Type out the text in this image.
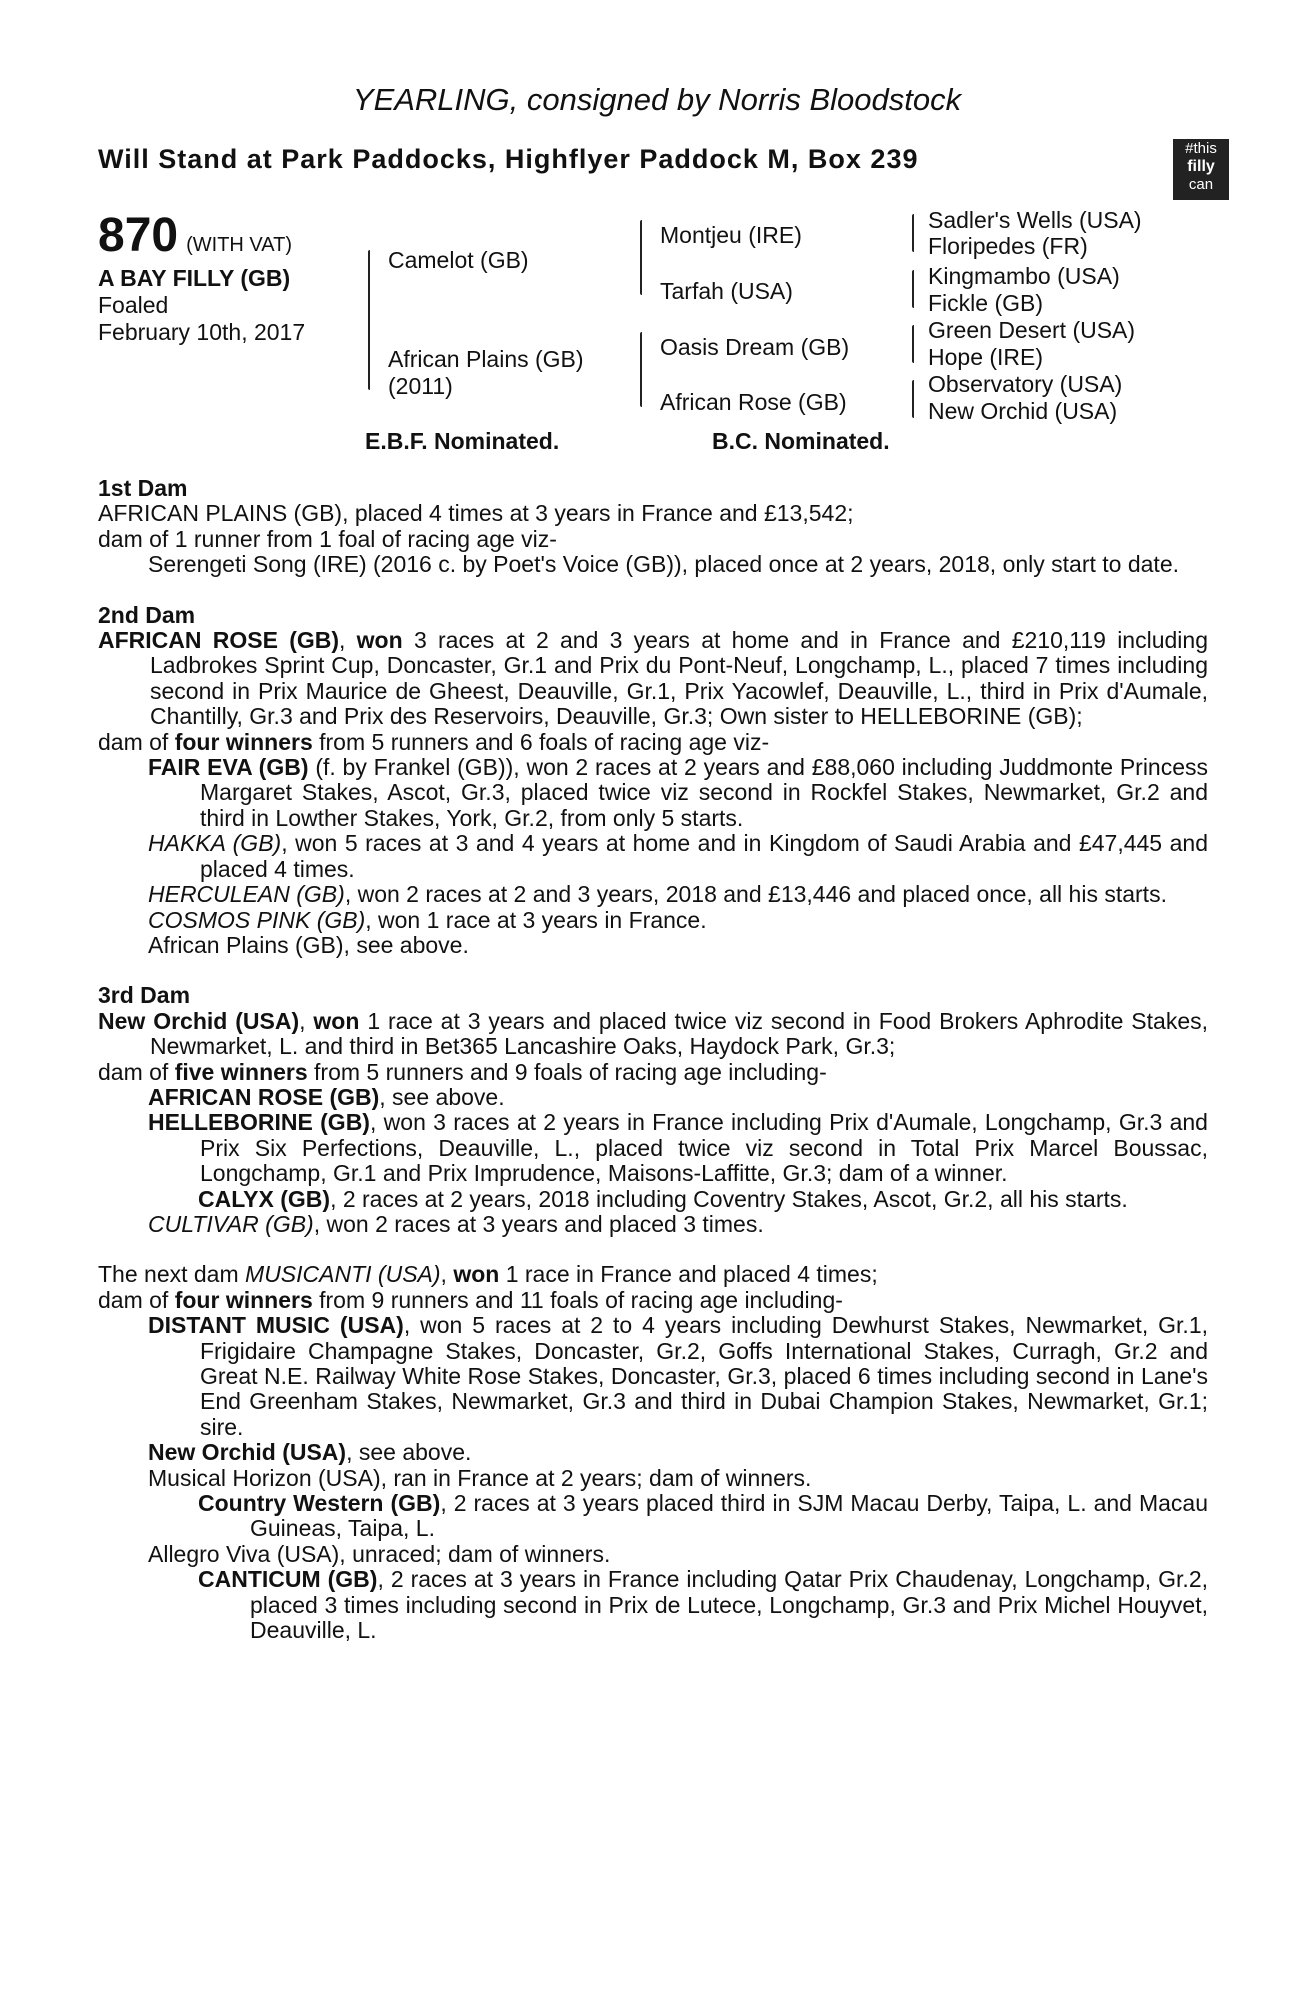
YEARLING, consigned by Norris Bloodstock
Will Stand at Park Paddocks, Highflyer Paddock M, Box 239	#this
filly
can
870 (WITH VAT)
A BAY FILLY (GB)
Foaled
February 10th, 2017
Camelot (GB)
African Plains (GB)
(2011)
Montjeu (IRE)
Tarfah (USA)
Oasis Dream (GB)
African Rose (GB)
Sadler's Wells (USA)
Floripedes (FR)
Kingmambo (USA)
Fickle (GB)
Green Desert (USA)
Hope (IRE)
Observatory (USA)
New Orchid (USA)
E.B.F. Nominated.	B.C. Nominated.

1st Dam

AFRICAN PLAINS (GB), placed 4 times at 3 years in France and £13,542;

dam of 1 runner from 1 foal of racing age viz-

Serengeti Song (IRE) (2016 c. by Poet's Voice (GB)), placed once at 2 years, 2018, only start to date.

2nd Dam

AFRICAN ROSE (GB), won 3 races at 2 and 3 years at home and in France and £210,119 including Ladbrokes Sprint Cup, Doncaster, Gr.1 and Prix du Pont-Neuf, Longchamp, L., placed 7 times including second in Prix Maurice de Gheest, Deauville, Gr.1, Prix Yacowlef, Deauville, L., third in Prix d'Aumale, Chantilly, Gr.3 and Prix des Reservoirs, Deauville, Gr.3; Own sister to HELLEBORINE (GB);

dam of four winners from 5 runners and 6 foals of racing age viz-

FAIR EVA (GB) (f. by Frankel (GB)), won 2 races at 2 years and £88,060 including Juddmonte Princess Margaret Stakes, Ascot, Gr.3, placed twice viz second in Rockfel Stakes, Newmarket, Gr.2 and third in Lowther Stakes, York, Gr.2, from only 5 starts.

HAKKA (GB), won 5 races at 3 and 4 years at home and in Kingdom of Saudi Arabia and £47,445 and placed 4 times.

HERCULEAN (GB), won 2 races at 2 and 3 years, 2018 and £13,446 and placed once, all his starts.

COSMOS PINK (GB), won 1 race at 3 years in France.

African Plains (GB), see above.

3rd Dam

New Orchid (USA), won 1 race at 3 years and placed twice viz second in Food Brokers Aphrodite Stakes, Newmarket, L. and third in Bet365 Lancashire Oaks, Haydock Park, Gr.3;

dam of five winners from 5 runners and 9 foals of racing age including-

AFRICAN ROSE (GB), see above.

HELLEBORINE (GB), won 3 races at 2 years in France including Prix d'Aumale, Longchamp, Gr.3 and Prix Six Perfections, Deauville, L., placed twice viz second in Total Prix Marcel Boussac, Longchamp, Gr.1 and Prix Imprudence, Maisons-Laffitte, Gr.3; dam of a winner.

CALYX (GB), 2 races at 2 years, 2018 including Coventry Stakes, Ascot, Gr.2, all his starts.

CULTIVAR (GB), won 2 races at 3 years and placed 3 times.

The next dam MUSICANTI (USA), won 1 race in France and placed 4 times;

dam of four winners from 9 runners and 11 foals of racing age including-

DISTANT MUSIC (USA), won 5 races at 2 to 4 years including Dewhurst Stakes, Newmarket, Gr.1, Frigidaire Champagne Stakes, Doncaster, Gr.2, Goffs International Stakes, Curragh, Gr.2 and Great N.E. Railway White Rose Stakes, Doncaster, Gr.3, placed 6 times including second in Lane's End Greenham Stakes, Newmarket, Gr.3 and third in Dubai Champion Stakes, Newmarket, Gr.1; sire.

New Orchid (USA), see above.

Musical Horizon (USA), ran in France at 2 years; dam of winners.

Country Western (GB), 2 races at 3 years placed third in SJM Macau Derby, Taipa, L. and Macau Guineas, Taipa, L.

Allegro Viva (USA), unraced; dam of winners.

CANTICUM (GB), 2 races at 3 years in France including Qatar Prix Chaudenay, Longchamp, Gr.2, placed 3 times including second in Prix de Lutece, Longchamp, Gr.3 and Prix Michel Houyvet, Deauville, L.
